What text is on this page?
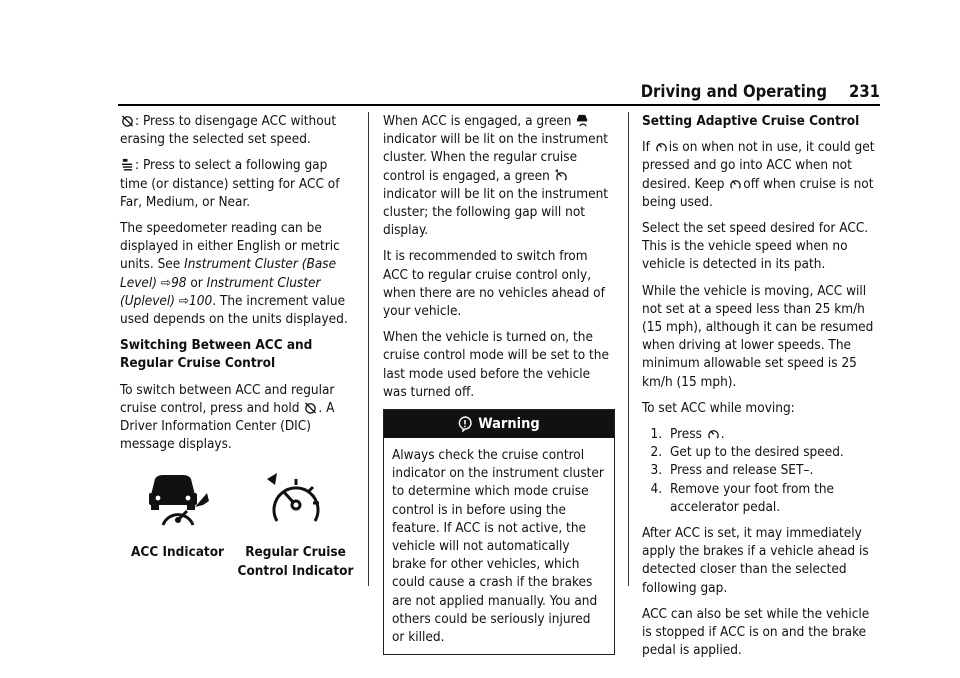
Driving and Operating 231

: Press to disengage ACC without erasing the selected set speed.

: Press to select a following gap time (or distance) setting for ACC of Far, Medium, or Near.

The speedometer reading can be displayed in either English or metric units. See Instrument Cluster (Base Level) ⇨98 or Instrument Cluster (Uplevel) ⇨100. The increment value used depends on the units displayed.

Switching Between ACC and Regular Cruise Control

To switch between ACC and regular cruise control, press and hold . A Driver Information Center (DIC) message displays.

ACC Indicator	Regular Cruise Control Indicator

When ACC is engaged, a green indicator will be lit on the instrument cluster. When the regular cruise control is engaged, a green indicator will be lit on the instrument cluster; the following gap will not display.

It is recommended to switch from ACC to regular cruise control only, when there are no vehicles ahead of your vehicle.

When the vehicle is turned on, the cruise control mode will be set to the last mode used before the vehicle was turned off.

Warning
Always check the cruise control indicator on the instrument cluster to determine which mode cruise control is in before using the feature. If ACC is not active, the vehicle will not automatically brake for other vehicles, which could cause a crash if the brakes are not applied manually. You and others could be seriously injured or killed.

Setting Adaptive Cruise Control

If is on when not in use, it could get pressed and go into ACC when not desired. Keep off when cruise is not being used.

Select the set speed desired for ACC. This is the vehicle speed when no vehicle is detected in its path.

While the vehicle is moving, ACC will not set at a speed less than 25 km/h (15 mph), although it can be resumed when driving at lower speeds. The minimum allowable set speed is 25 km/h (15 mph).

To set ACC while moving:

1. Press .
2. Get up to the desired speed.
3. Press and release SET–.
4. Remove your foot from the accelerator pedal.

After ACC is set, it may immediately apply the brakes if a vehicle ahead is detected closer than the selected following gap.

ACC can also be set while the vehicle is stopped if ACC is on and the brake pedal is applied.
